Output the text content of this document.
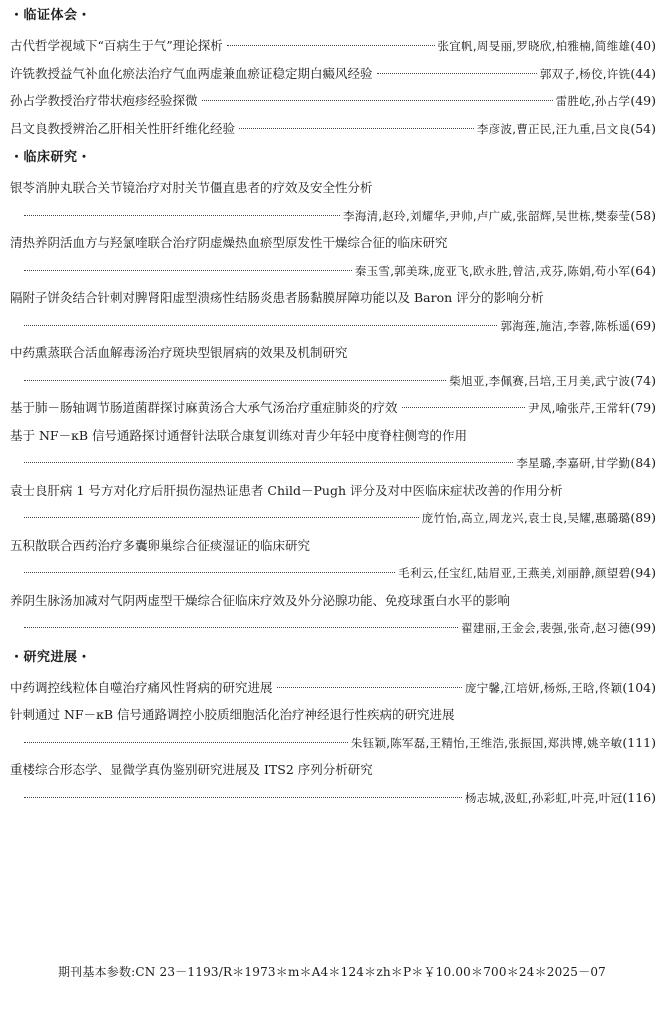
・临证体会・
古代哲学视域下“百病生于气”理论探析	张宜帆,周旻丽,罗晓欣,柏雅楠,简维雄 (40)
许铣教授益气补血化瘀法治疗气血两虚兼血瘀证稳定期白癜风经验	郭双子,杨佼,许铣 (44)
孙占学教授治疗带状疱疹经验探微	雷胜屹,孙占学 (49)
吕文良教授辨治乙肝相关性肝纤维化经验	李彦波,曹正民,汪九重,吕文良 (54)
・临床研究・
银苓消肿丸联合关节镜治疗对肘关节僵直患者的疗效及安全性分析
李海清,赵玲,刘耀华,尹帅,卢广威,张韶辉,吴世栋,樊泰莹 (58)
清热养阴活血方与羟氯喹联合治疗阴虚燥热血瘀型原发性干燥综合征的临床研究
秦玉雪,郭美珠,庞亚飞,欧永胜,曾洁,戎芬,陈娟,苟小军 (64)
隔附子饼灸结合针刺对脾肾阳虚型溃疡性结肠炎患者肠黏膜屏障功能以及 Baron 评分的影响分析
郭海莲,施洁,李蓉,陈栎遥 (69)
中药熏蒸联合活血解毒汤治疗斑块型银屑病的效果及机制研究
柴旭亚,李佩赛,吕培,王月美,武宁波 (74)
基于肺－肠轴调节肠道菌群探讨麻黄汤合大承气汤治疗重症肺炎的疗效	尹凤,喻张芹,王常轩 (79)
基于 NF－κB 信号通路探讨通督针法联合康复训练对青少年轻中度脊柱侧弯的作用
李星璐,李嘉研,甘学勤 (84)
袁士良肝病 1 号方对化疗后肝损伤湿热证患者 Child－Pugh 评分及对中医临床症状改善的作用分析
庞竹怡,高立,周龙兴,袁士良,吴耀,惠璐璐 (89)
五积散联合西药治疗多囊卵巢综合征痰湿证的临床研究
毛利云,任宝红,陆眉亚,王燕美,刘丽静,颜望碧 (94)
养阴生脉汤加减对气阴两虚型干燥综合征临床疗效及外分泌腺功能、免疫球蛋白水平的影响
翟建丽,王金会,裴强,张奇,赵习德 (99)
・研究进展・
中药调控线粒体自噬治疗痛风性肾病的研究进展	庞宁馨,江培妍,杨烁,王晗,佟颖 (104)
针刺通过 NF－κB 信号通路调控小胶质细胞活化治疗神经退行性疾病的研究进展
朱钰颖,陈军磊,王精怡,王维浩,张振国,郑洪博,姚辛敏 (111)
重楼综合形态学、显微学真伪鉴别研究进展及 ITS2 序列分析研究
杨志城,汲虹,孙彩虹,叶亮,叶冠 (116)
期刊基本参数:CN 23－1193/R＊1973＊m＊A4＊124＊zh＊P＊￥10.00＊700＊24＊2025－07
